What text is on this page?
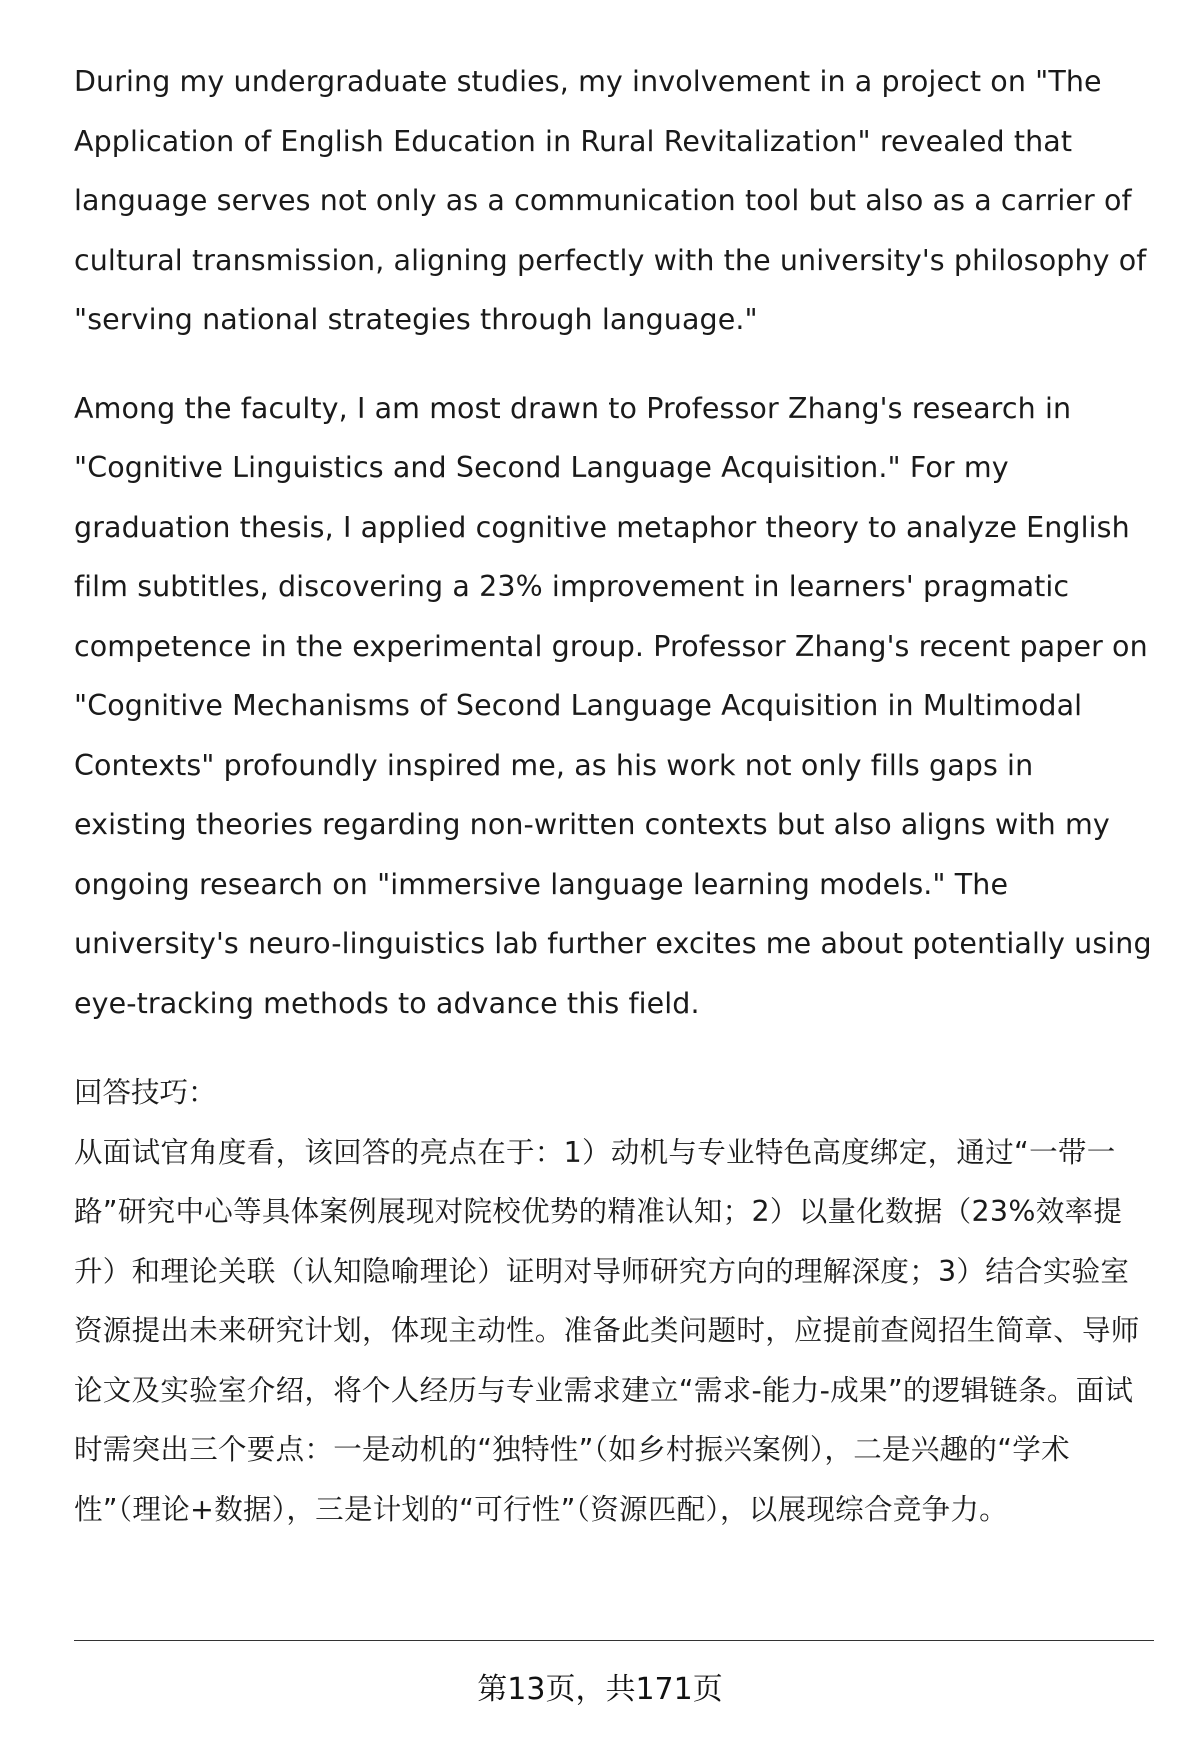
During my undergraduate studies, my involvement in a project on "The Application of English Education in Rural Revitalization" revealed that language serves not only as a communication tool but also as a carrier of cultural transmission, aligning perfectly with the university's philosophy of "serving national strategies through language."

Among the faculty, I am most drawn to Professor Zhang's research in "Cognitive Linguistics and Second Language Acquisition." For my graduation thesis, I applied cognitive metaphor theory to analyze English film subtitles, discovering a 23% improvement in learners' pragmatic competence in the experimental group. Professor Zhang's recent paper on "Cognitive Mechanisms of Second Language Acquisition in Multimodal Contexts" profoundly inspired me, as his work not only fills gaps in existing theories regarding non-written contexts but also aligns with my ongoing research on "immersive language learning models." The university's neuro-linguistics lab further excites me about potentially using eye-tracking methods to advance this field.

回答技巧：

从面试官角度看，该回答的亮点在于：1）动机与专业特色高度绑定，通过“一带一路”研究中心等具体案例展现对院校优势的精准认知；2）以量化数据（23%效率提升）和理论关联（认知隐喻理论）证明对导师研究方向的理解深度；3）结合实验室资源提出未来研究计划，体现主动性。准备此类问题时，应提前查阅招生简章、导师论文及实验室介绍，将个人经历与专业需求建立“需求-能力-成果”的逻辑链条。面试时需突出三个要点：一是动机的“独特性”（如乡村振兴案例），二是兴趣的“学术性”（理论+数据），三是计划的“可行性”（资源匹配），以展现综合竞争力。

第13页，共171页
